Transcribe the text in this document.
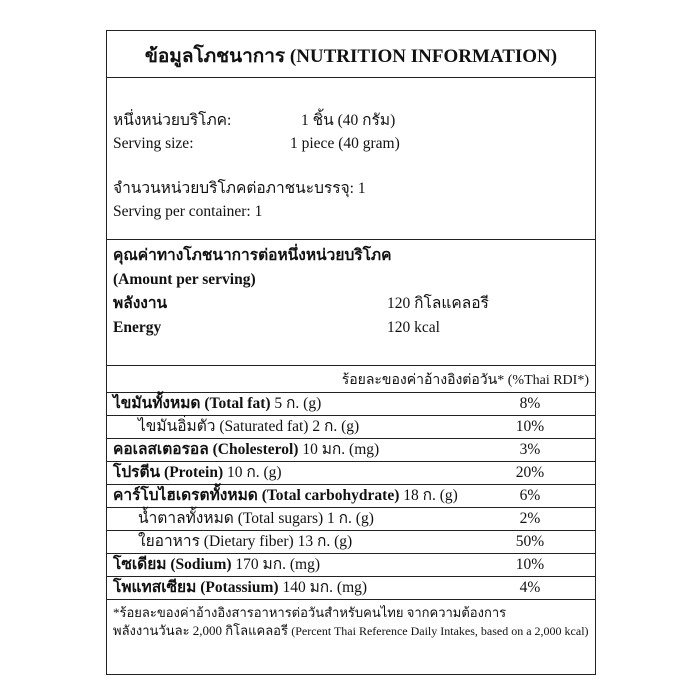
ข้อมูลโภชนาการ (NUTRITION INFORMATION)
หนึ่งหน่วยบริโภค:	1 ชิ้น (40 กรัม)
Serving size:	1 piece (40 gram)
จำนวนหน่วยบริโภคต่อภาชนะบรรจุ: 1
Serving per container: 1
คุณค่าทางโภชนาการต่อหนึ่งหน่วยบริโภค
(Amount per serving)
พลังงาน	120 กิโลแคลอรี
Energy	120 kcal
ร้อยละของค่าอ้างอิงต่อวัน* (%Thai RDI*)
ไขมันทั้งหมด (Total fat) 5 ก. (g)	8%
ไขมันอิ่มตัว (Saturated fat) 2 ก. (g)	10%
คอเลสเตอรอล (Cholesterol) 10 มก. (mg)	3%
โปรตีน (Protein) 10 ก. (g)	20%
คาร์โบไฮเดรตทั้งหมด (Total carbohydrate) 18 ก. (g)	6%
น้ำตาลทั้งหมด (Total sugars) 1 ก. (g)	2%
ใยอาหาร (Dietary fiber) 13 ก. (g)	50%
โซเดียม (Sodium) 170 มก. (mg)	10%
โพแทสเซียม (Potassium) 140 มก. (mg)	4%
*ร้อยละของค่าอ้างอิงสารอาหารต่อวันสำหรับคนไทย จากความต้องการ
พลังงานวันละ 2,000 กิโลแคลอรี (Percent Thai Reference Daily Intakes, based on a 2,000 kcal)
